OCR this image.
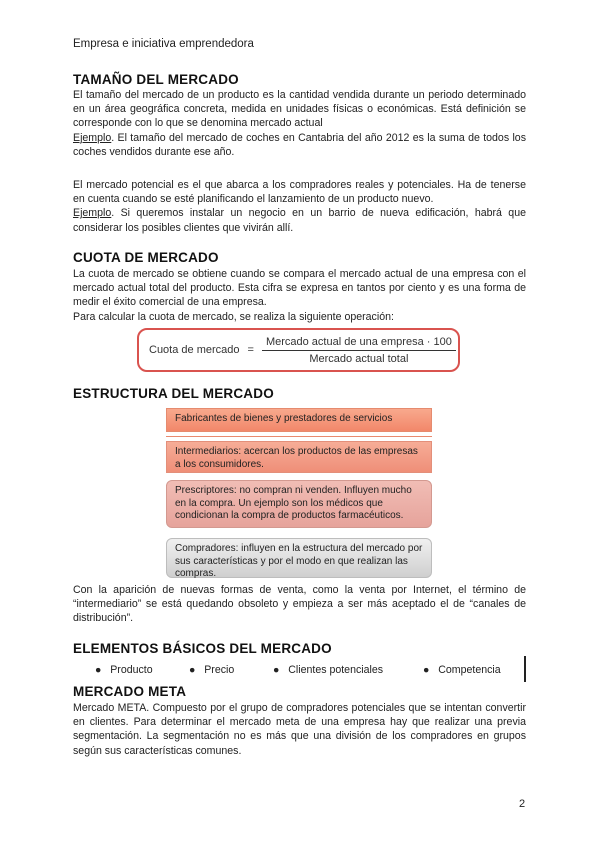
Empresa e iniciativa emprendedora
TAMAÑO DEL MERCADO
El tamaño del mercado de un producto es la cantidad vendida durante un periodo determinado en un área geográfica concreta, medida en unidades físicas o económicas. Está definición se corresponde con lo que se denomina mercado actual
Ejemplo. El tamaño del mercado de coches en Cantabria del año 2012 es la suma de todos los coches vendidos durante ese año.
El mercado potencial es el que abarca a los compradores reales y potenciales. Ha de tenerse en cuenta cuando se esté planificando el lanzamiento de un producto nuevo.
Ejemplo. Si queremos instalar un negocio en un barrio de nueva edificación, habrá que considerar los posibles clientes que vivirán allí.
CUOTA DE MERCADO
La cuota de mercado se obtiene cuando se compara el mercado actual de una empresa con el mercado actual total del producto. Esta cifra se expresa en tantos por ciento y es una forma de medir el éxito comercial de una empresa.
Para calcular la cuota de mercado, se realiza la siguiente operación:
Cuota de mercado = $\frac{\text{Mercado actual de una empresa · 100}}{\text{Mercado actual total}}$
ESTRUCTURA DEL MERCADO
Fabricantes de bienes y prestadores de servicios
Intermediarios: acercan los productos de las empresas a los consumidores.
Prescriptores: no compran ni venden. Influyen mucho en la compra. Un ejemplo son los médicos que condicionan la compra de productos farmacéuticos.
Compradores: influyen en la estructura del mercado por sus características y por el modo en que realizan las compras.
Con la aparición de nuevas formas de venta, como la venta por Internet, el término de “intermediario” se está quedando obsoleto y empieza a ser más aceptado el de “canales de distribución”.
ELEMENTOS BÁSICOS DEL MERCADO
● Producto	● Precio	● Clientes potenciales	● Competencia
MERCADO META
Mercado META. Compuesto por el grupo de compradores potenciales que se intentan convertir en clientes. Para determinar el mercado meta de una empresa hay que realizar una previa segmentación. La segmentación no es más que una división de los compradores en grupos según sus características comunes.
2
